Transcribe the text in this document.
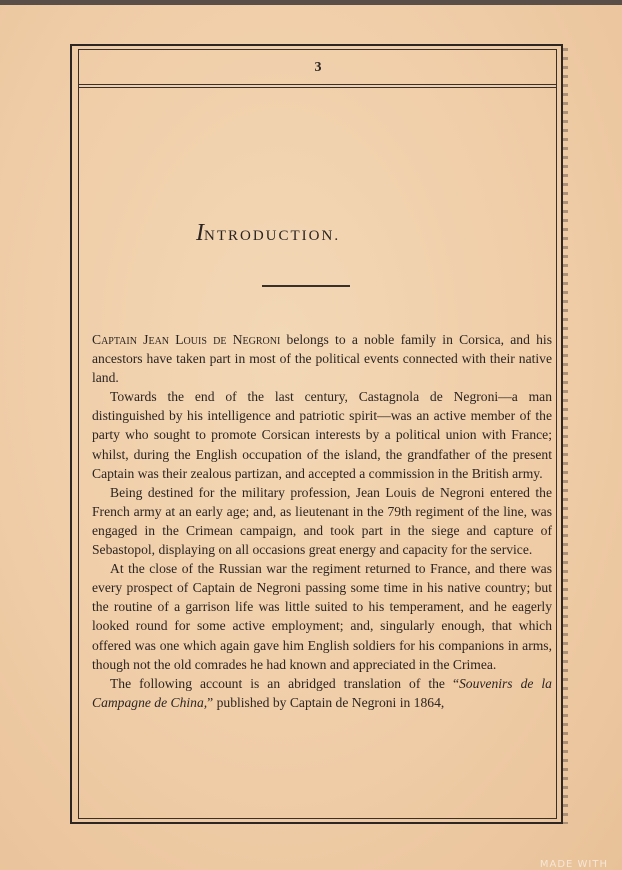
3
INTRODUCTION.

Captain Jean Louis de Negroni belongs to a noble family in Corsica, and his ancestors have taken part in most of the political events connected with their native land.

Towards the end of the last century, Castagnola de Negroni—a man distinguished by his intelligence and patriotic spirit—was an active member of the party who sought to promote Corsican interests by a political union with France; whilst, during the English occupation of the island, the grandfather of the present Captain was their zealous partizan, and accepted a commission in the British army.

Being destined for the military profession, Jean Louis de Negroni entered the French army at an early age; and, as lieutenant in the 79th regiment of the line, was engaged in the Crimean campaign, and took part in the siege and capture of Sebastopol, displaying on all occasions great energy and capacity for the service.

At the close of the Russian war the regiment returned to France, and there was every prospect of Captain de Negroni passing some time in his native country; but the routine of a garrison life was little suited to his temperament, and he eagerly looked round for some active employment; and, singularly enough, that which offered was one which again gave him English soldiers for his companions in arms, though not the old comrades he had known and appreciated in the Crimea.

The following account is an abridged translation of the “Souvenirs de la Campagne de China,” published by Captain de Negroni in 1864,

MADE WITH
